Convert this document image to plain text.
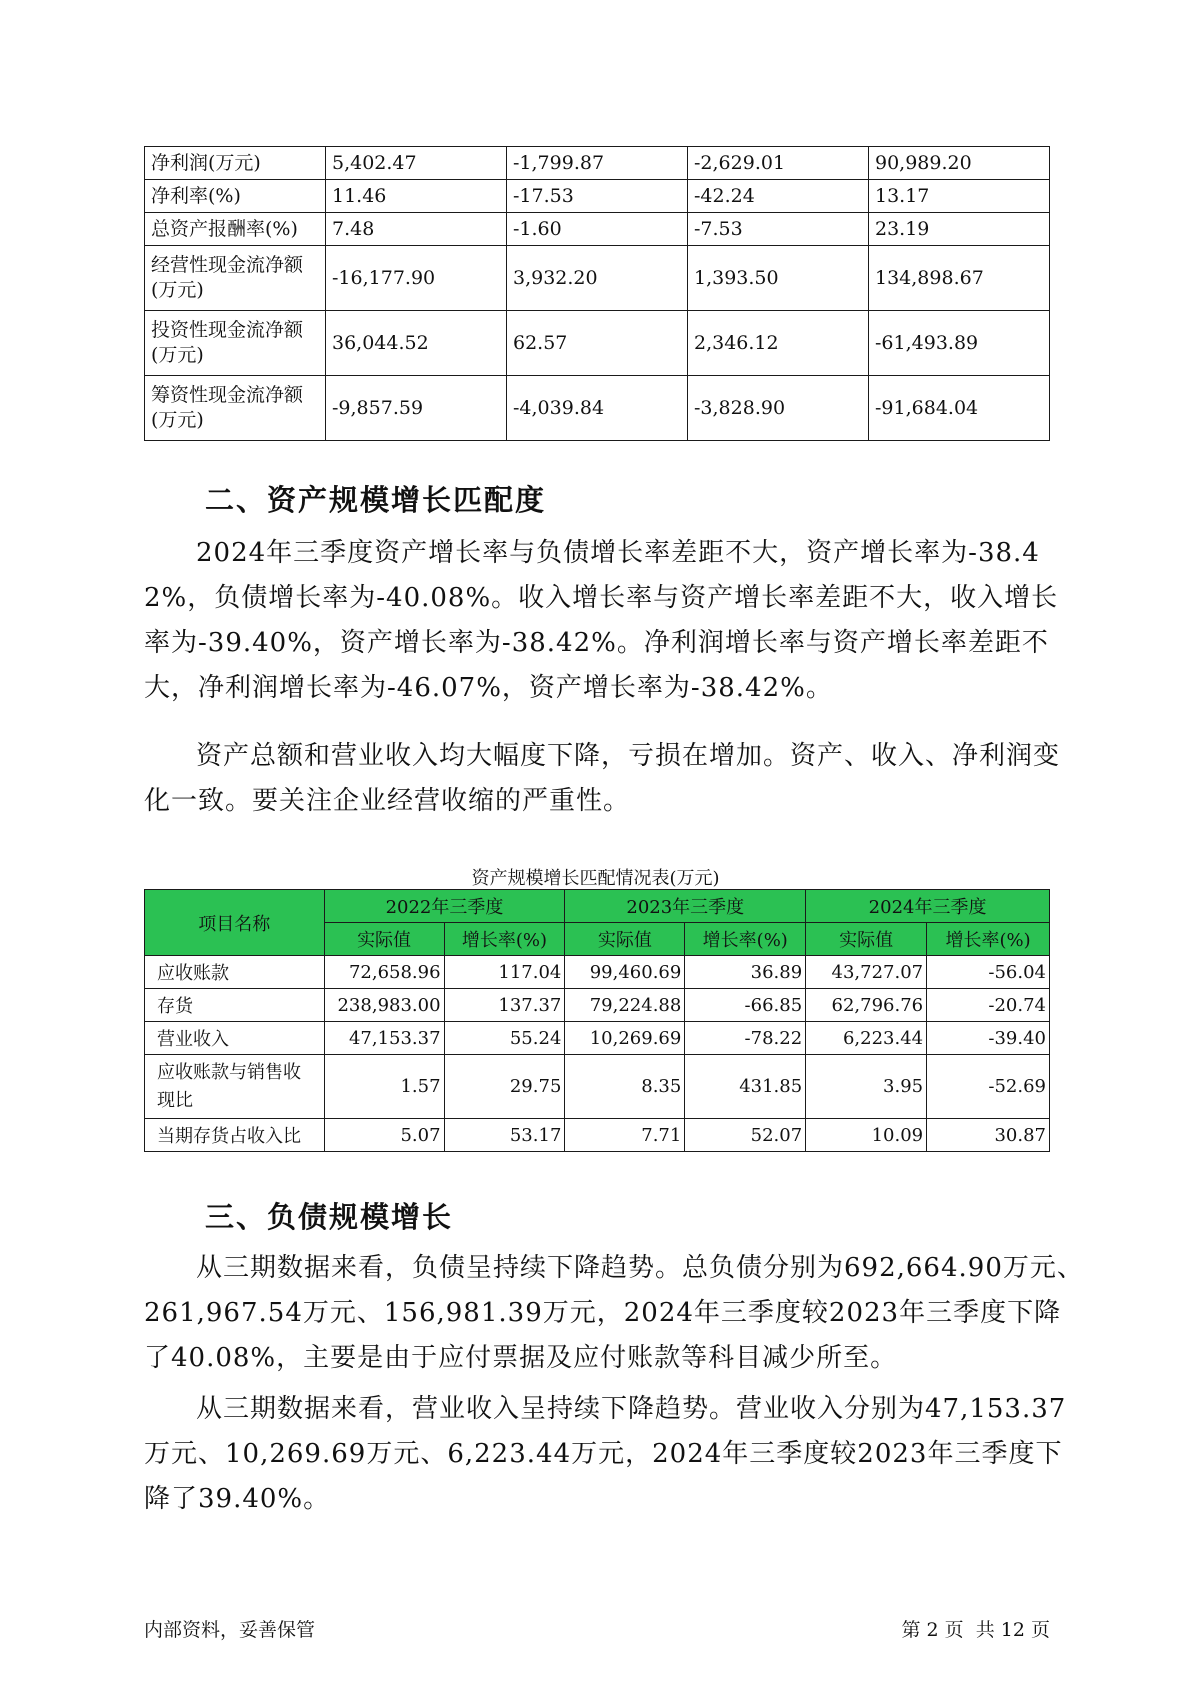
净利润(万元)	5,402.47	-1,799.87	-2,629.01	90,989.20
净利率(%)	11.46	-17.53	-42.24	13.17
总资产报酬率(%)	7.48	-1.60	-7.53	23.19
经营性现金流净额(万元)	-16,177.90	3,932.20	1,393.50	134,898.67
投资性现金流净额(万元)	36,044.52	62.57	2,346.12	-61,493.89
筹资性现金流净额(万元)	-9,857.59	-4,039.84	-3,828.90	-91,684.04
二、资产规模增长匹配度
2024年三季度资产增长率与负债增长率差距不大，资产增长率为-38.42%，负债增长率为-40.08%。收入增长率与资产增长率差距不大，收入增长率为-39.40%，资产增长率为-38.42%。净利润增长率与资产增长率差距不大，净利润增长率为-46.07%，资产增长率为-38.42%。
资产总额和营业收入均大幅度下降，亏损在增加。资产、收入、净利润变化一致。要关注企业经营收缩的严重性。
资产规模增长匹配情况表(万元)
项目名称	2022年三季度		2023年三季度		2024年三季度	
	实际值	增长率(%)	实际值	增长率(%)	实际值	增长率(%)
应收账款	72,658.96	117.04	99,460.69	36.89	43,727.07	-56.04
存货	238,983.00	137.37	79,224.88	-66.85	62,796.76	-20.74
营业收入	47,153.37	55.24	10,269.69	-78.22	6,223.44	-39.40
应收账款与销售收现比	1.57	29.75	8.35	431.85	3.95	-52.69
当期存货占收入比	5.07	53.17	7.71	52.07	10.09	30.87
三、负债规模增长
从三期数据来看，负债呈持续下降趋势。总负债分别为692,664.90万元、261,967.54万元、156,981.39万元，2024年三季度较2023年三季度下降了40.08%，主要是由于应付票据及应付账款等科目减少所至。
从三期数据来看，营业收入呈持续下降趋势。营业收入分别为47,153.37万元、10,269.69万元、6,223.44万元，2024年三季度较2023年三季度下降了39.40%。
内部资料，妥善保管	第 2 页  共 12 页
